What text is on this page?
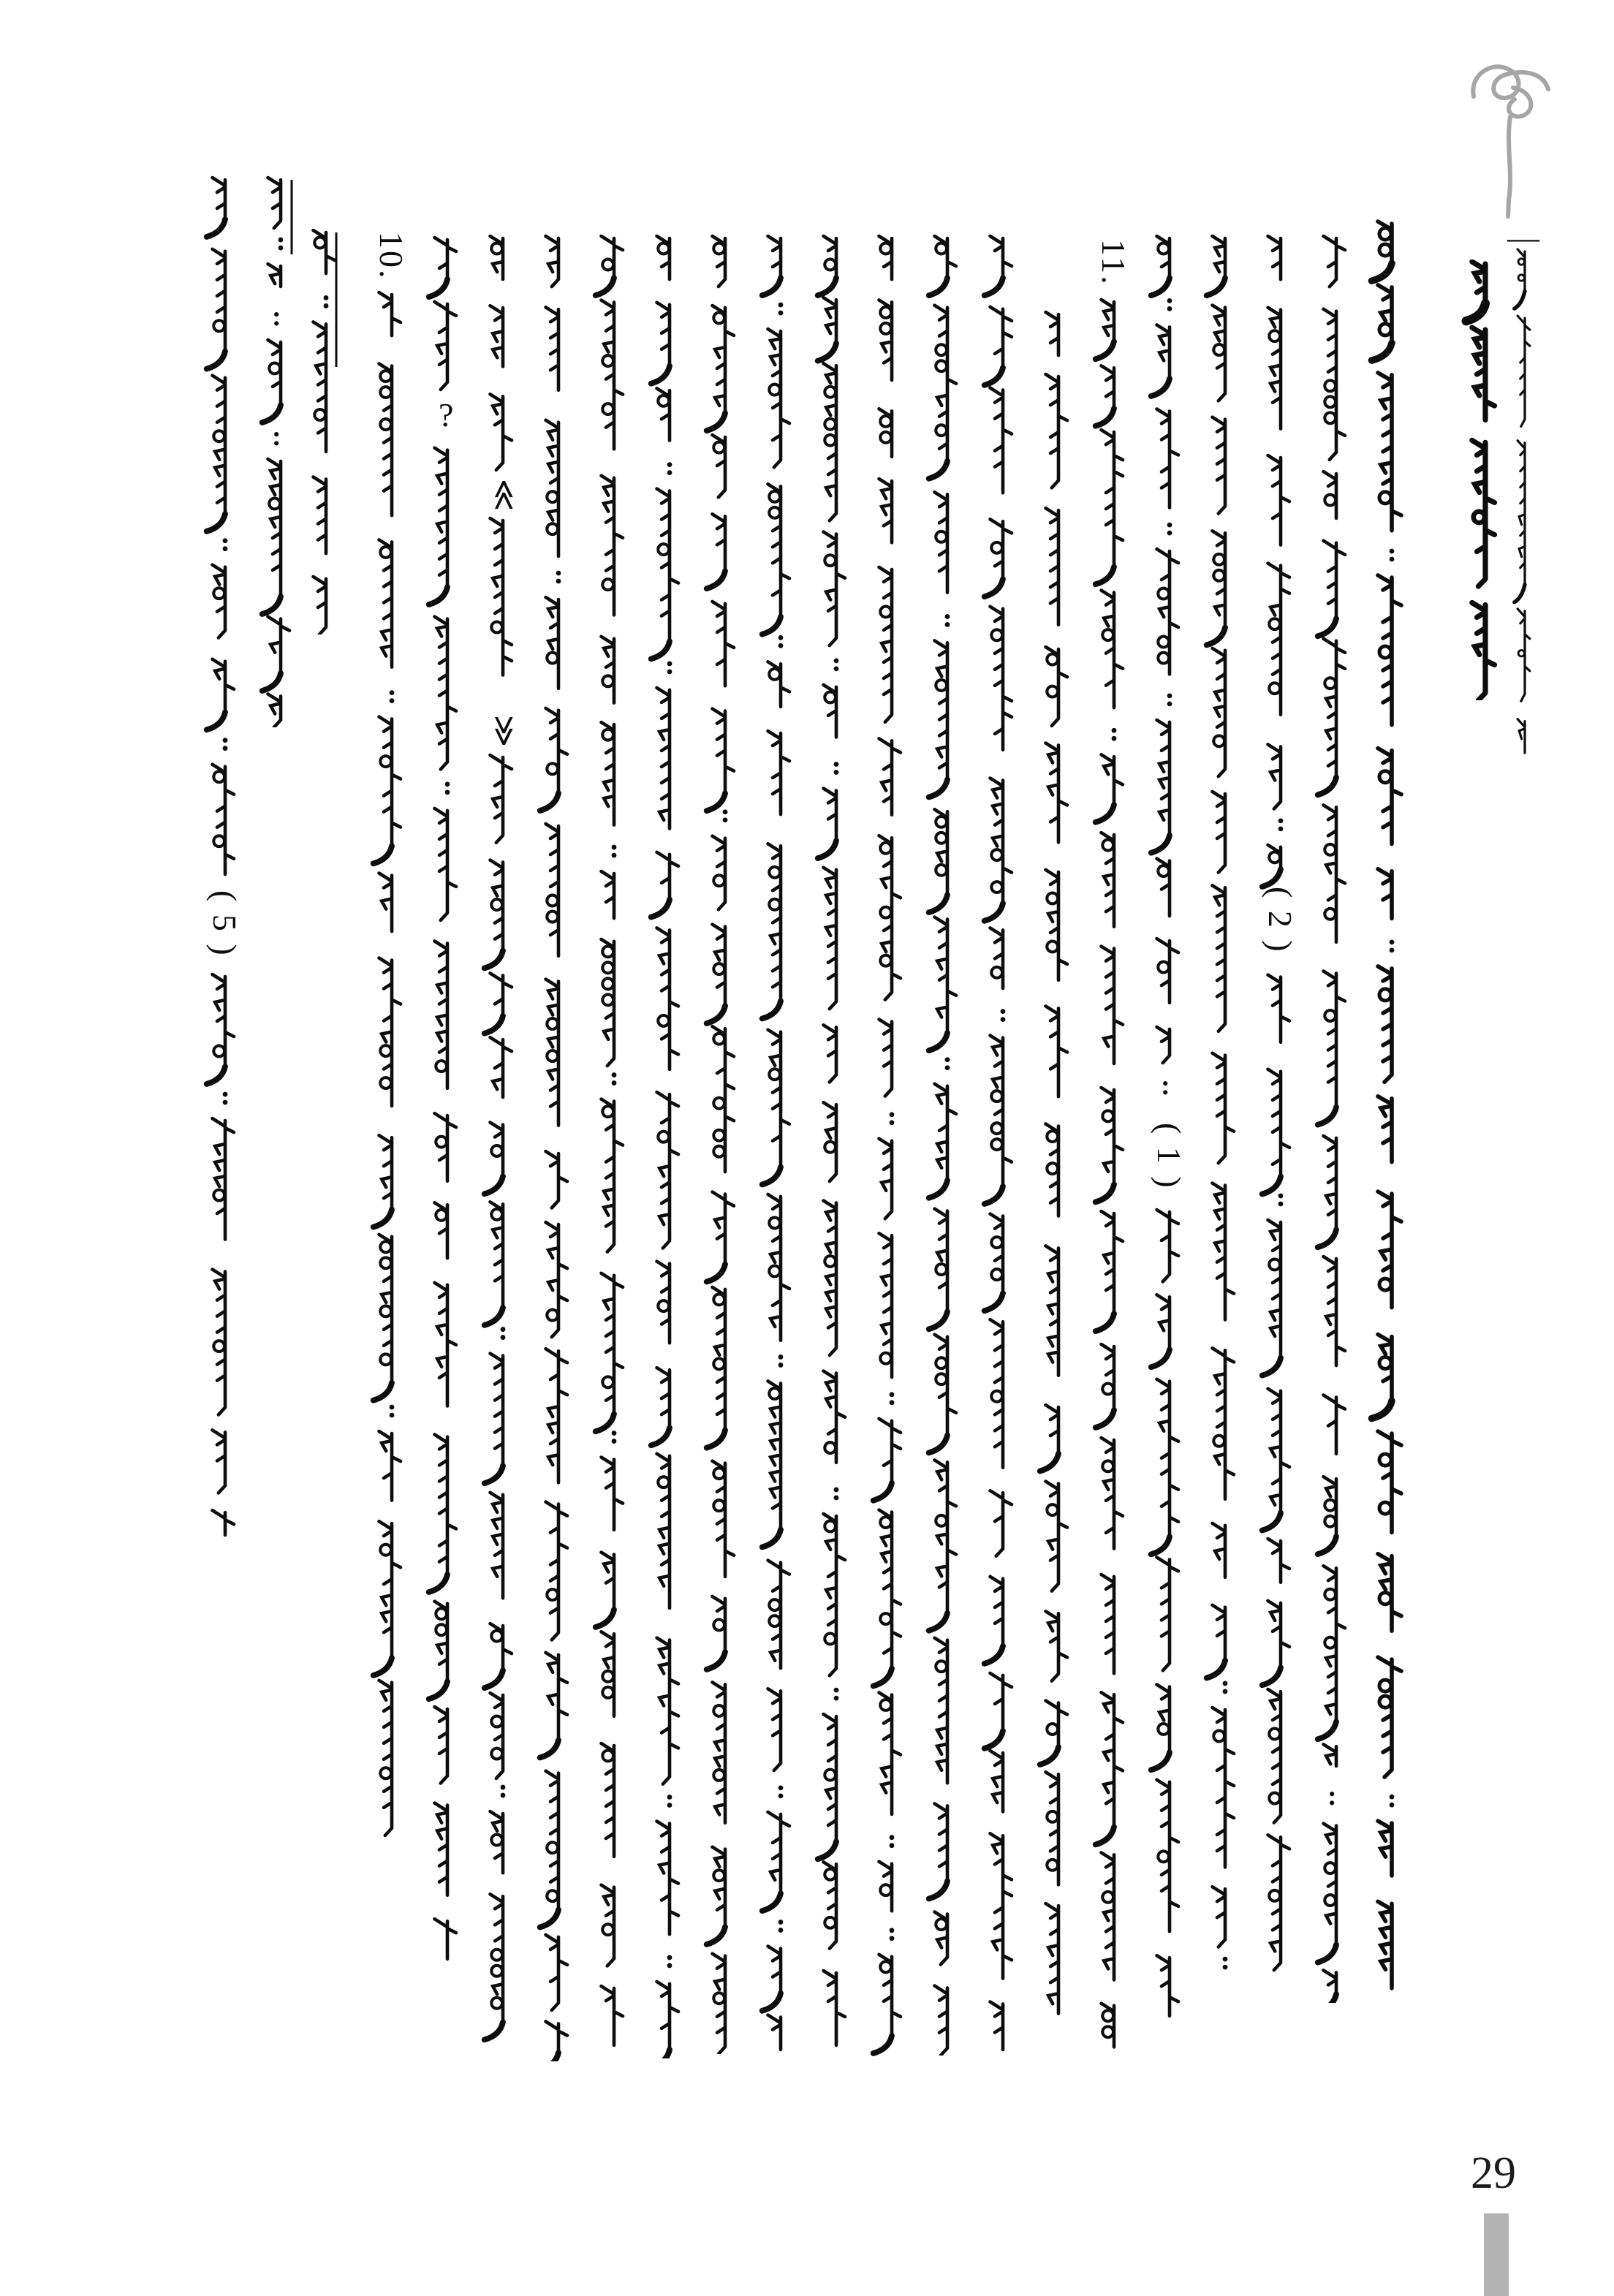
—
29
( 5 )
:
:
10.
?
≪
≫
11.
:
( 1 )
( 2 )
:
